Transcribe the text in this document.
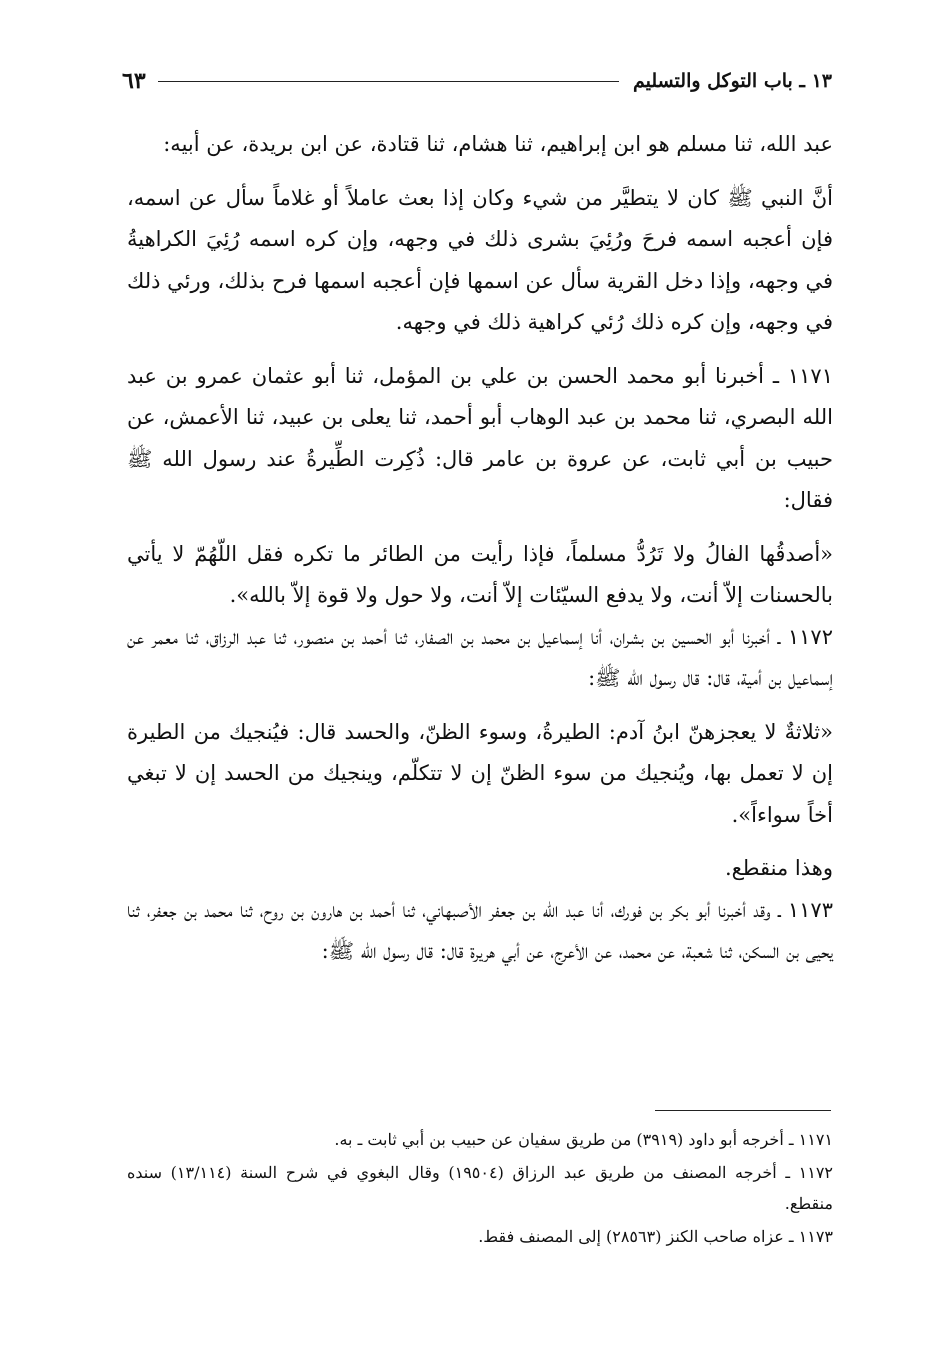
١٣ ـ باب التوكل والتسليم
٦٣

عبد الله، ثنا مسلم هو ابن إبراهيم، ثنا هشام، ثنا قتادة، عن ابن بريدة، عن أبيه:

أنَّ النبي ﷺ كان لا يتطيَّر من شيء وكان إذا بعث عاملاً أو غلاماً سأل عن اسمه، فإن أعجبه اسمه فرحَ ورُئِيَ بشرى ذلك في وجهه، وإن كره اسمه رُئِيَ الكراهيةُ في وجهه، وإذا دخل القرية سأل عن اسمها فإن أعجبه اسمها فرح بذلك، ورئي ذلك في وجهه، وإن كره ذلك رُئي كراهية ذلك في وجهه.

١١٧١ ـ أخبرنا أبو محمد الحسن بن علي بن المؤمل، ثنا أبو عثمان عمرو بن عبد الله البصري، ثنا محمد بن عبد الوهاب أبو أحمد، ثنا يعلى بن عبيد، ثنا الأعمش، عن حبيب بن أبي ثابت، عن عروة بن عامر قال: ذُكِرت الطِّيرةُ عند رسول الله ﷺ فقال:

«أصدقُها الفالُ ولا تَرُدُّ مسلماً، فإذا رأيت من الطائر ما تكره فقل اللّهُمّ لا يأتي بالحسنات إلاّ أنت، ولا يدفع السيّئات إلاّ أنت، ولا حول ولا قوة إلاّ بالله».

١١٧٢ ـ أخبرنا أبو الحسين بن بشران، أنا إسماعيل بن محمد بن الصفار، ثنا أحمد بن منصور، ثنا عبد الرزاق، ثنا معمر عن إسماعيل بن أمية، قال: قال رسول الله ﷺ:

«ثلاثةٌ لا يعجزهنّ ابنُ آدم: الطيرةُ، وسوء الظنّ، والحسد قال: فيُنجيك من الطيرة إن لا تعمل بها، ويُنجيك من سوء الظنّ إن لا تتكلّم، وينجيك من الحسد إن لا تبغي أخاً سواءاً».

وهذا منقطع.

١١٧٣ ـ وقد أخبرنا أبو بكر بن فورك، أنا عبد الله بن جعفر الأصبهاني، ثنا أحمد بن هارون بن روح، ثنا محمد بن جعفر، ثنا يحيى بن السكن، ثنا شعبة، عن محمد، عن الأعرج، عن أبي هريرة قال: قال رسول الله ﷺ:

١١٧١ ـ أخرجه أبو داود (٣٩١٩) من طريق سفيان عن حبيب بن أبي ثابت ـ به.

١١٧٢ ـ أخرجه المصنف من طريق عبد الرزاق (١٩٥٠٤) وقال البغوي في شرح السنة (١٣/١١٤) سنده منقطع.

١١٧٣ ـ عزاه صاحب الكنز (٢٨٥٦٣) إلى المصنف فقط.
